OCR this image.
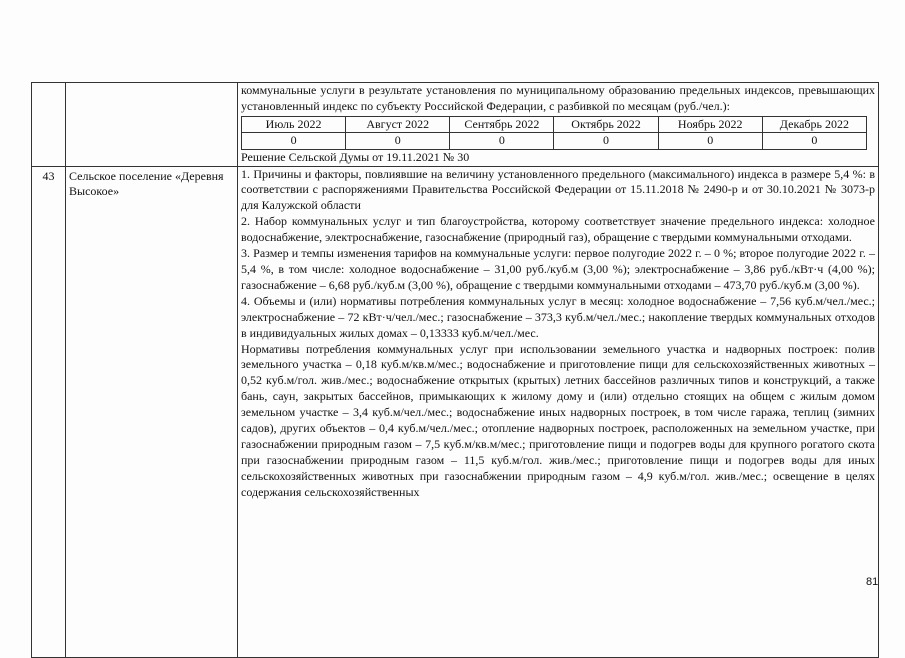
коммунальные услуги в результате установления по муниципальному образованию предельных индексов, превышающих установленный индекс по субъекту Российской Федерации, с разбивкой по месяцам (руб./чел.):

Июль 2022	Август 2022	Сентябрь 2022	Октябрь 2022	Ноябрь 2022	Декабрь 2022
0	0	0	0	0	0

Решение Сельской Думы от 19.11.2021 № 30

43	Сельское поселение «Деревня Высокое»	

1. Причины и факторы, повлиявшие на величину установленного предельного (максимального) индекса в размере 5,4 %: в соответствии с распоряжениями Правительства Российской Федерации от 15.11.2018 № 2490-р и от 30.10.2021 № 3073-р для Калужской области

2. Набор коммунальных услуг и тип благоустройства, которому соответствует значение предельного индекса: холодное водоснабжение, электроснабжение, газоснабжение (природный газ), обращение с твердыми коммунальными отходами.

3. Размер и темпы изменения тарифов на коммунальные услуги: первое полугодие 2022 г. – 0 %; второе полугодие 2022 г. – 5,4 %, в том числе: холодное водоснабжение – 31,00 руб./куб.м (3,00 %); электроснабжение – 3,86 руб./кВт·ч (4,00 %); газоснабжение – 6,68 руб./куб.м (3,00 %), обращение с твердыми коммунальными отходами – 473,70 руб./куб.м (3,00 %).

4. Объемы и (или) нормативы потребления коммунальных услуг в месяц: холодное водоснабжение – 7,56 куб.м/чел./мес.; электроснабжение – 72 кВт·ч/чел./мес.; газоснабжение – 373,3 куб.м/чел./мес.; накопление твердых коммунальных отходов в индивидуальных жилых домах – 0,13333 куб.м/чел./мес.

Нормативы потребления коммунальных услуг при использовании земельного участка и надворных построек: полив земельного участка – 0,18 куб.м/кв.м/мес.; водоснабжение и приготовление пищи для сельскохозяйственных животных – 0,52 куб.м/гол. жив./мес.; водоснабжение открытых (крытых) летних бассейнов различных типов и конструкций, а также бань, саун, закрытых бассейнов, примыкающих к жилому дому и (или) отдельно стоящих на общем с жилым домом земельном участке – 3,4 куб.м/чел./мес.; водоснабжение иных надворных построек, в том числе гаража, теплиц (зимних садов), других объектов – 0,4 куб.м/чел./мес.; отопление надворных построек, расположенных на земельном участке, при газоснабжении природным газом – 7,5 куб.м/кв.м/мес.; приготовление пищи и подогрев воды для крупного рогатого скота при газоснабжении природным газом – 11,5 куб.м/гол. жив./мес.; приготовление пищи и подогрев воды для иных сельскохозяйственных животных при газоснабжении природным газом – 4,9 куб.м/гол. жив./мес.; освещение в целях содержания сельскохозяйственных

81
